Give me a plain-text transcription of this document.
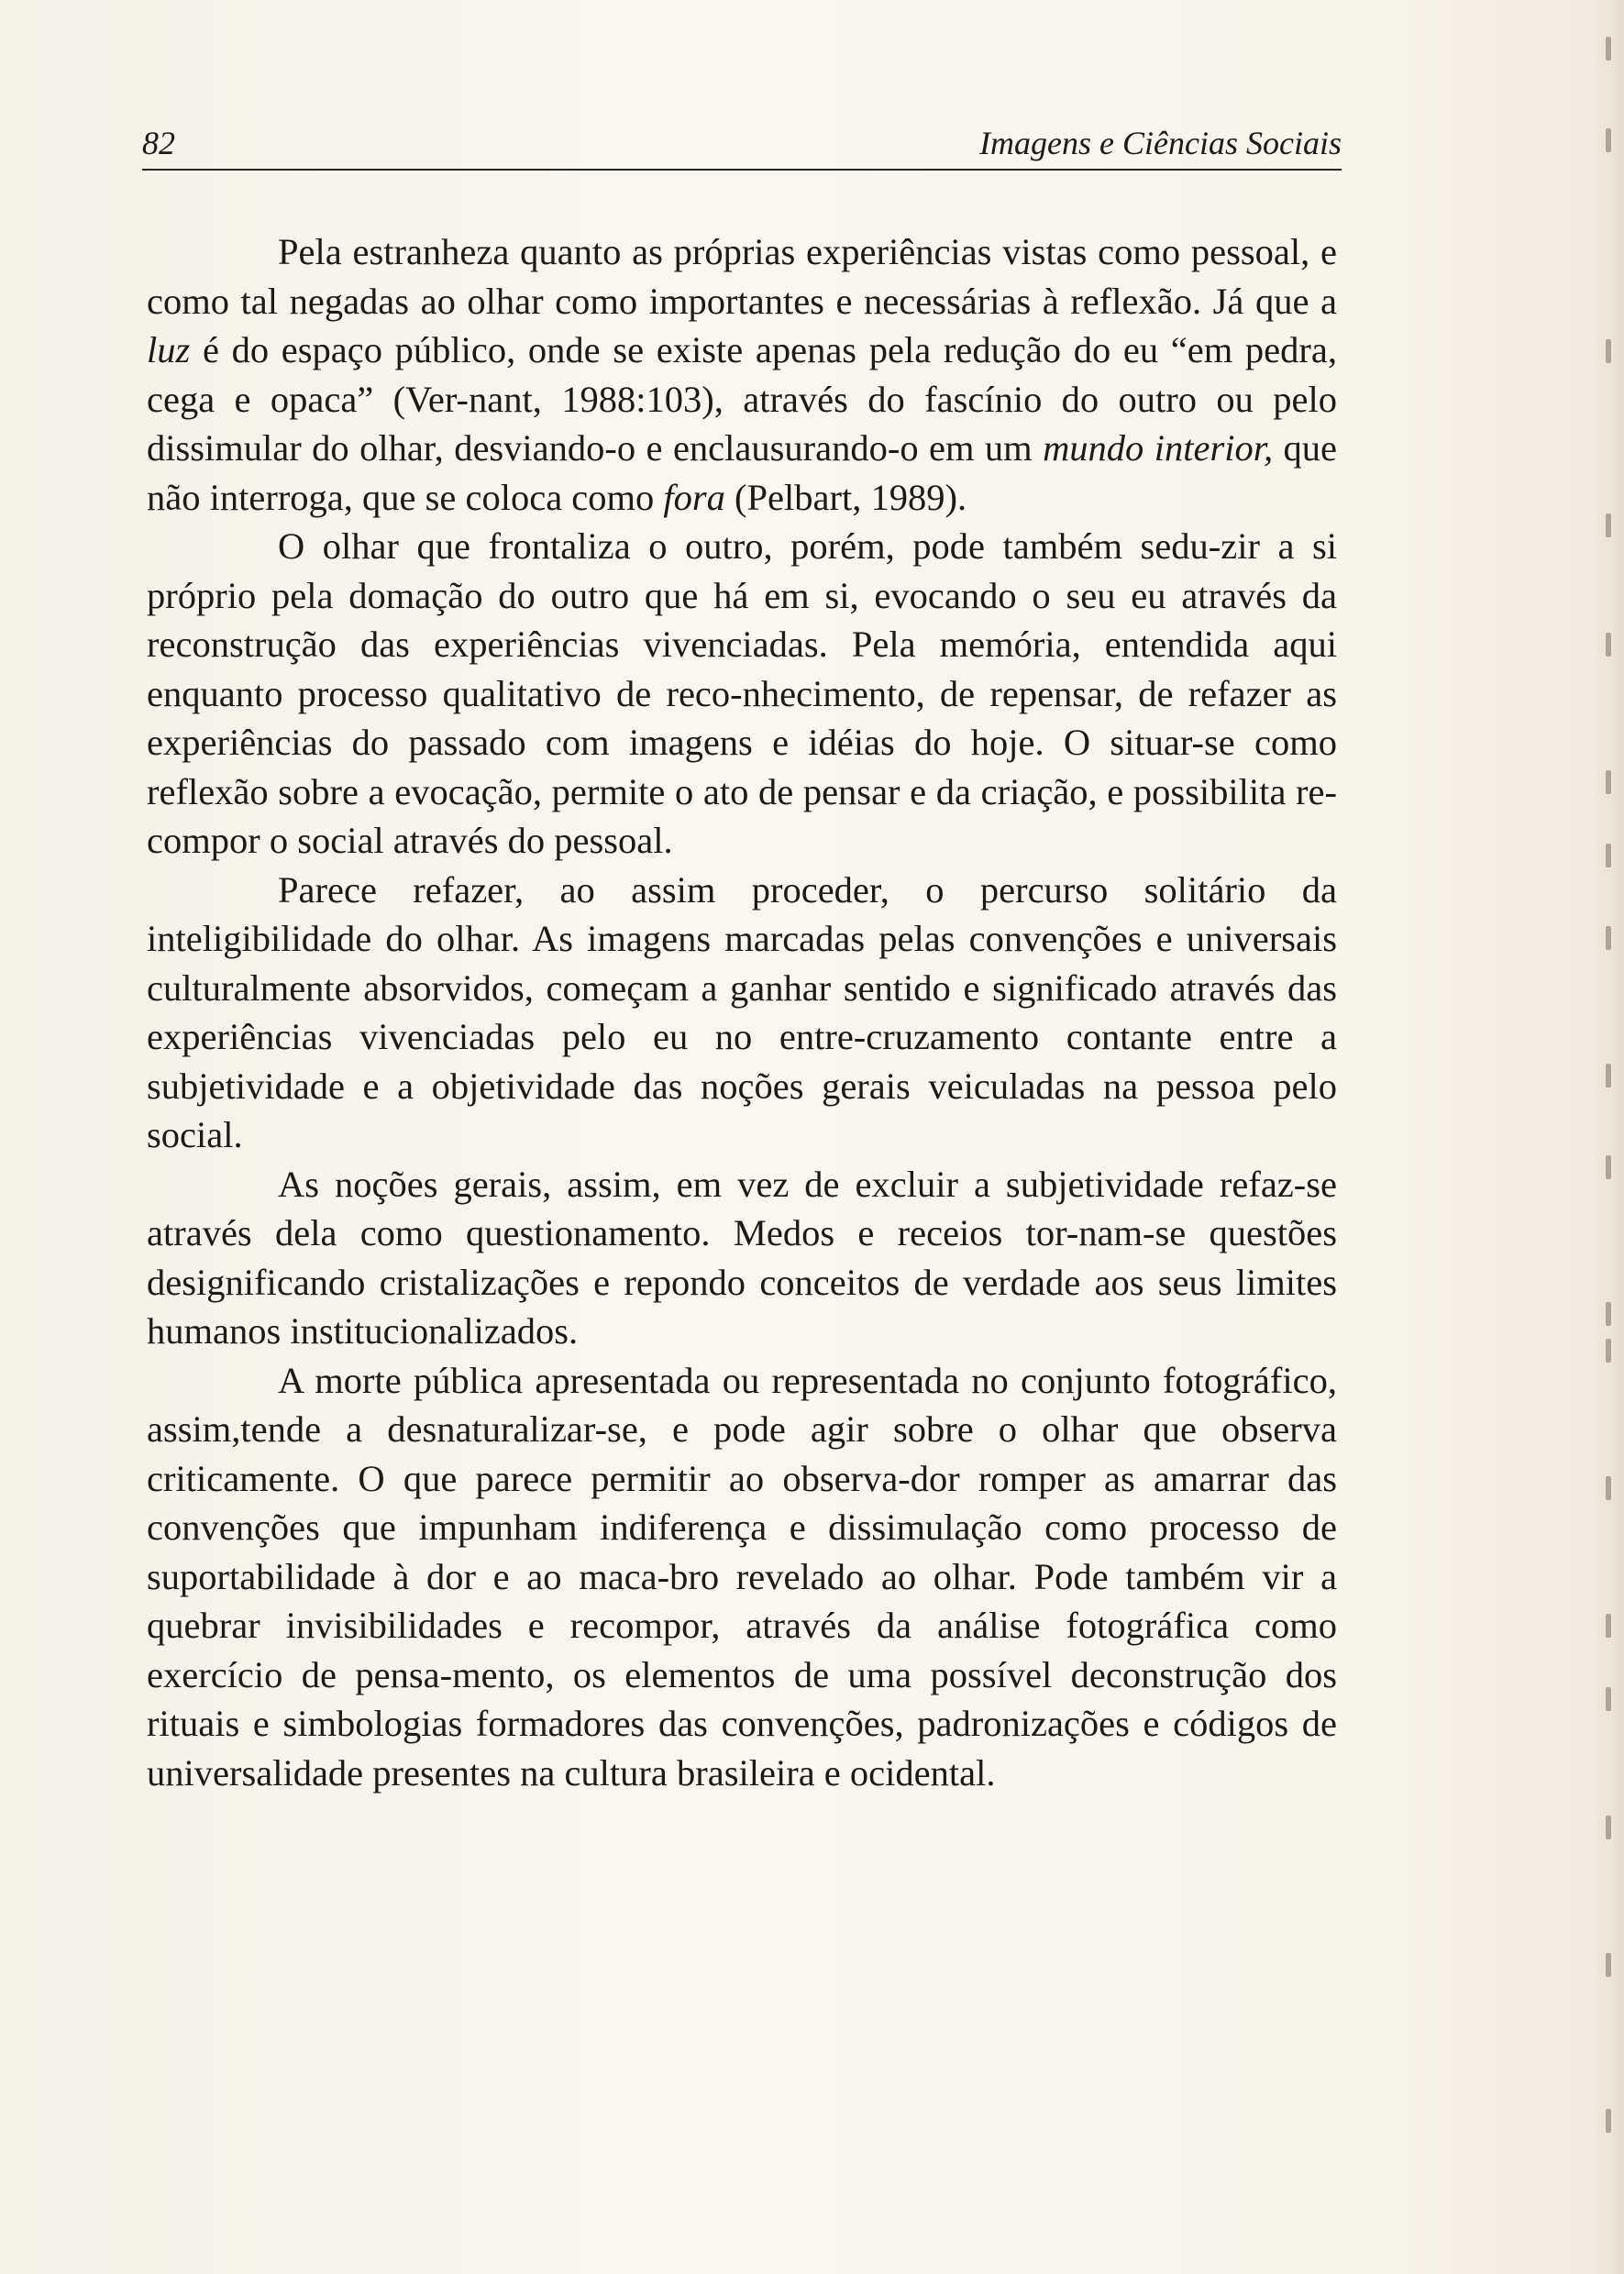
82	Imagens e Ciências Sociais

Pela estranheza quanto as próprias experiências vistas como pessoal, e como tal negadas ao olhar como importantes e necessárias à reflexão. Já que a luz é do espaço público, onde se existe apenas pela redução do eu “em pedra, cega e opaca” (Ver-nant, 1988:103), através do fascínio do outro ou pelo dissimular do olhar, desviando-o e enclausurando-o em um mundo interior, que não interroga, que se coloca como fora (Pelbart, 1989).

O olhar que frontaliza o outro, porém, pode também sedu-zir a si próprio pela domação do outro que há em si, evocando o seu eu através da reconstrução das experiências vivenciadas. Pela memória, entendida aqui enquanto processo qualitativo de reco-nhecimento, de repensar, de refazer as experiências do passado com imagens e idéias do hoje. O situar-se como reflexão sobre a evocação, permite o ato de pensar e da criação, e possibilita re-compor o social através do pessoal.

Parece refazer, ao assim proceder, o percurso solitário da inteligibilidade do olhar. As imagens marcadas pelas convenções e universais culturalmente absorvidos, começam a ganhar sentido e significado através das experiências vivenciadas pelo eu no entre-cruzamento contante entre a subjetividade e a objetividade das noções gerais veiculadas na pessoa pelo social.

As noções gerais, assim, em vez de excluir a subjetividade refaz-se através dela como questionamento. Medos e receios tor-nam-se questões designificando cristalizações e repondo conceitos de verdade aos seus limites humanos institucionalizados.

A morte pública apresentada ou representada no conjunto fotográfico, assim,tende a desnaturalizar-se, e pode agir sobre o olhar que observa criticamente. O que parece permitir ao observa-dor romper as amarrar das convenções que impunham indiferença e dissimulação como processo de suportabilidade à dor e ao maca-bro revelado ao olhar. Pode também vir a quebrar invisibilidades e recompor, através da análise fotográfica como exercício de pensa-mento, os elementos de uma possível deconstrução dos rituais e simbologias formadores das convenções, padronizações e códigos de universalidade presentes na cultura brasileira e ocidental.
